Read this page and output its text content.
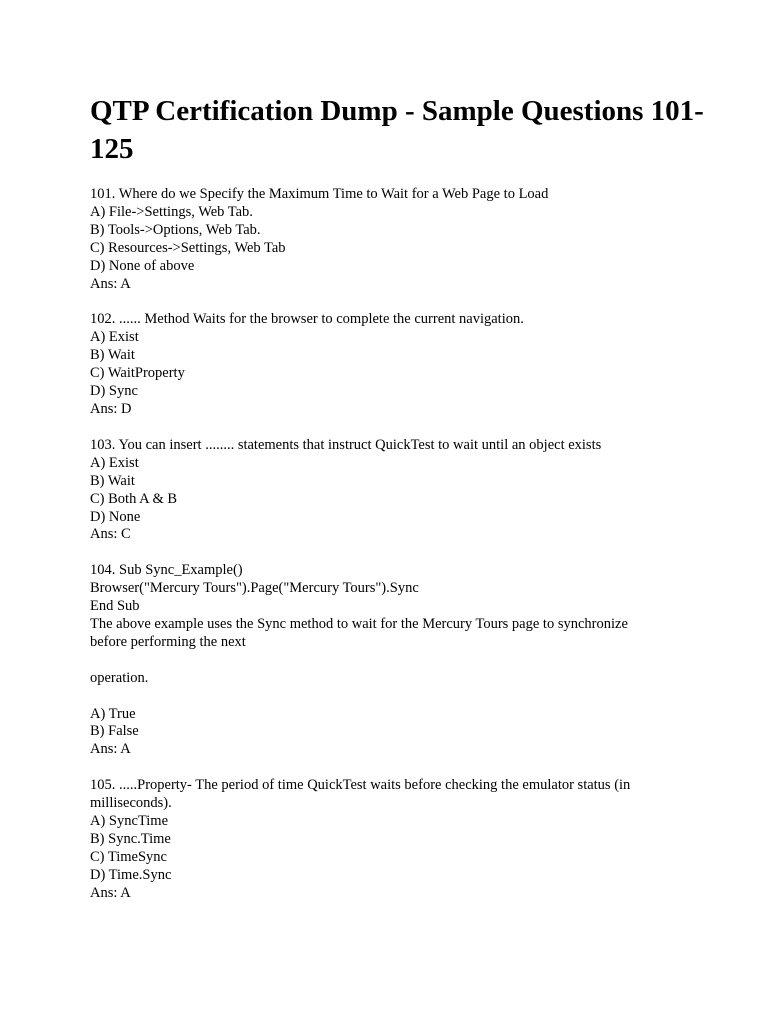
QTP Certification Dump - Sample Questions 101-125
101. Where do we Specify the Maximum Time to Wait for a Web Page to Load
A) File->Settings, Web Tab.
B) Tools->Options, Web Tab.
C) Resources->Settings, Web Tab
D) None of above
Ans: A
102. ...... Method Waits for the browser to complete the current navigation.
A) Exist
B) Wait
C) WaitProperty
D) Sync
Ans: D
103. You can insert ........ statements that instruct QuickTest to wait until an object exists
A) Exist
B) Wait
C) Both A & B
D) None
Ans: C
104. Sub Sync_Example()
Browser("Mercury Tours").Page("Mercury Tours").Sync
End Sub
The above example uses the Sync method to wait for the Mercury Tours page to synchronize
before performing the next
operation.
A) True
B) False
Ans: A
105. .....Property- The period of time QuickTest waits before checking the emulator status (in
milliseconds).
A) SyncTime
B) Sync.Time
C) TimeSync
D) Time.Sync
Ans: A
